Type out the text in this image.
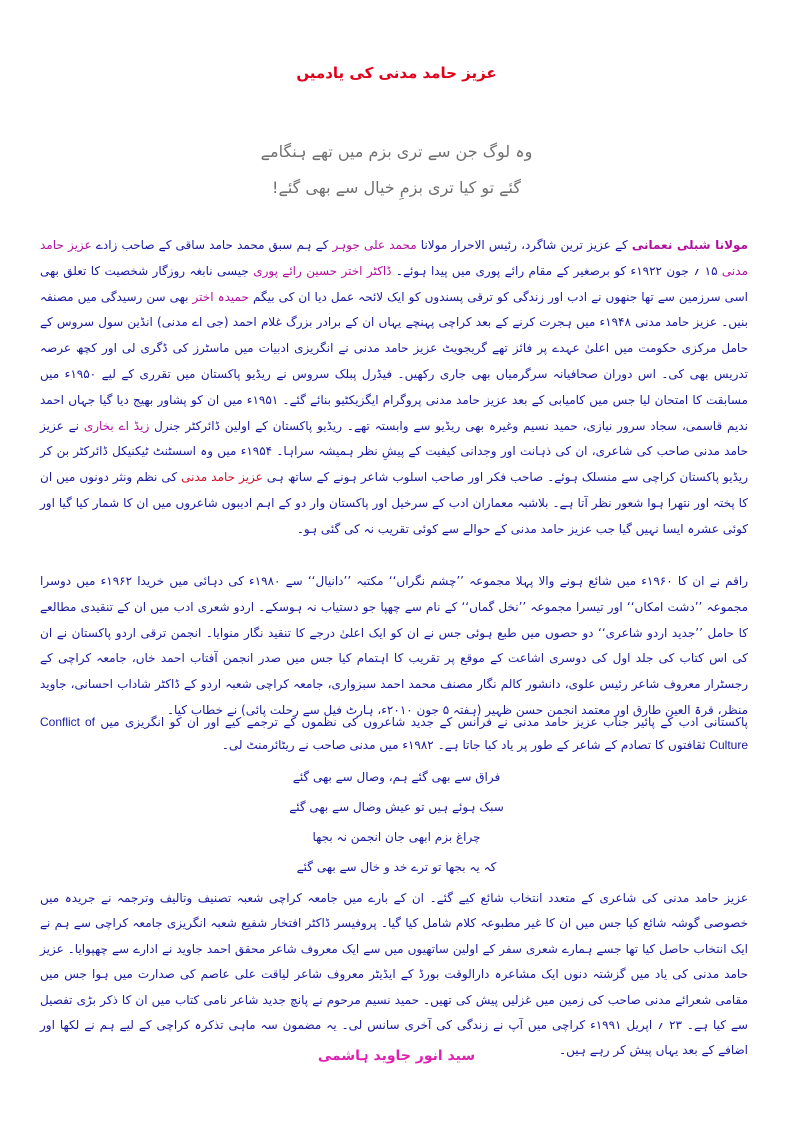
عزیز حامد مدنی کی یادمیں
وہ لوگ جن سے تری بزم میں تھے ہنگامے
گئے تو کیا تری بزمِ خیال سے بھی گئے!
مولانا شبلی نعمانی کے عزیز ترین شاگرد، رئیس الاحرار مولانا محمد علی جوہر کے ہم سبق محمد حامد ساقی کے صاحب زادے عزیز حامد مدنی ۱۵ ؍ جون ۱۹۲۲ء کو برصغیر کے مقام رائے پوری میں پیدا ہوئے۔ ڈاکٹر اختر حسین رائے پوری جیسی نابغہ روزگار شخصیت کا تعلق بھی اسی سرزمین سے تھا جنھوں نے ادب اور زندگی کو ترقی پسندوں کو ایک لائحہ عمل دیا ان کی بیگم حمیدہ اختر بھی سن رسیدگی میں مصنفہ بنیں۔ عزیز حامد مدنی ۱۹۴۸ء میں ہجرت کرنے کے بعد کراچی پہنچے یہاں ان کے برادر بزرگ غلام احمد (جی اے مدنی) انڈین سول سروس کے حامل مرکزی حکومت میں اعلیٰ عہدے پر فائز تھے گریجویٹ عزیز حامد مدنی نے انگریزی ادبیات میں ماسٹرز کی ڈگری لی اور کچھ عرصہ تدریس بھی کی۔ اس دوران صحافیانہ سرگرمیاں بھی جاری رکھیں۔ فیڈرل پبلک سروس نے ریڈیو پاکستان میں تقرری کے لیے ۱۹۵۰ء میں مسابقت کا امتحان لیا جس میں کامیابی کے بعد عزیز حامد مدنی پروگرام ایگزیکٹیو بنائے گئے۔ ۱۹۵۱ء میں ان کو پشاور بھیج دیا گیا جہاں احمد ندیم قاسمی، سجاد سرور نیازی، حمید نسیم وغیرہ بھی ریڈیو سے وابستہ تھے۔ ریڈیو پاکستان کے اولین ڈائرکٹر جنرل زیڈ اے بخاری نے عزیز حامد مدنی صاحب کی شاعری، ان کی ذہانت اور وجدانی کیفیت کے پیشِ نظر ہمیشہ سراہا۔ ۱۹۵۴ء میں وہ اسسٹنٹ ٹیکنیکل ڈائرکٹر بن کر ریڈیو پاکستان کراچی سے منسلک ہوئے۔ صاحب فکر اور صاحب اسلوب شاعر ہونے کے ساتھ ہی عزیز حامد مدنی کی نظم ونثر دونوں میں ان کا پختہ اور نتھرا ہوا شعور نظر آتا ہے۔ بلاشبہ معماران ادب کے سرخیل اور پاکستان وار دو کے اہم ادیبوں شاعروں میں ان کا شمار کیا گیا اور کوئی عشرہ ایسا نہیں گیا جب عزیز حامد مدنی کے حوالے سے کوئی تقریب نہ کی گئی ہو۔
راقم نے ان کا ۱۹۶۰ء میں شائع ہونے والا پہلا مجموعہ ’’چشم نگراں‘‘ مکتبہ ’’دانیال‘‘ سے ۱۹۸۰ء کی دہائی میں خریدا ۱۹۶۲ء میں دوسرا مجموعہ ’’دشت امکاں‘‘ اور تیسرا مجموعہ ’’نخل گماں‘‘ کے نام سے چھپا جو دستیاب نہ ہوسکے۔ اردو شعری ادب میں ان کے تنقیدی مطالعے کا حامل ’’جدید اردو شاعری‘‘ دو حصوں میں طبع ہوئی جس نے ان کو ایک اعلیٰ درجے کا تنقید نگار منوایا۔ انجمن ترقی اردو پاکستان نے ان کی اس کتاب کی جلد اول کی دوسری اشاعت کے موقع پر تقریب کا اہتمام کیا جس میں صدر انجمن آفتاب احمد خاں، جامعہ کراچی کے رجسٹرار معروف شاعر رئیس علوی، دانشور کالم نگار مصنف محمد احمد سبزواری، جامعہ کراچی شعبہ اردو کے ڈاکٹر شاداب احسانی، جاوید منظر، قرۃ العین طارق اور معتمد انجمن حسن ظہیر (ہفتہ ۵ جون ۲۰۱۰ء، ہارٹ فیل سے رحلت پائی) نے خطاب کیا۔
پاکستانی ادب کے پائیر جناب عزیز حامد مدنی نے فرانس کے جدید شاعروں کی نظموں کے ترجمے کیے اور ان کو انگریزی میں Conflict of Culture ثقافتوں کا تصادم کے شاعر کے طور پر یاد کیا جاتا ہے۔ ۱۹۸۲ء میں مدنی صاحب نے ریٹائرمنٹ لی۔
فراق سے بھی گئے ہم، وصال سے بھی گئے
سبک ہوئے ہیں تو عیش وصال سے بھی گئے
چراغ بزم ابھی جان انجمن نہ بجھا
کہ یہ بجھا تو ترے خد و خال سے بھی گئے
عزیز حامد مدنی کی شاعری کے متعدد انتخاب شائع کیے گئے۔ ان کے بارے میں جامعہ کراچی شعبہ تصنیف وتالیف وترجمہ نے جریدہ میں خصوصی گوشہ شائع کیا جس میں ان کا غیر مطبوعہ کلام شامل کیا گیا۔ پروفیسر ڈاکٹر افتخار شفیع شعبہ انگریزی جامعہ کراچی سے ہم نے ایک انتخاب حاصل کیا تھا جسے ہمارے شعری سفر کے اولین ساتھیوں میں سے ایک معروف شاعر محقق احمد جاوید نے ادارے سے چھپوایا۔ عزیز حامد مدنی کی یاد میں گزشتہ دنوں ایک مشاعرہ دارالوقت بورڈ کے ایڈیٹر معروف شاعر لیاقت علی عاصم کی صدارت میں ہوا جس میں مقامی شعرائے مدنی صاحب کی زمین میں غزلیں پیش کی تھیں۔ حمید نسیم مرحوم نے پانچ جدید شاعر نامی کتاب میں ان کا ذکر بڑی تفصیل سے کیا ہے۔ ۲۳ ؍ اپریل ۱۹۹۱ء کراچی میں آپ نے زندگی کی آخری سانس لی۔ یہ مضمون سہ ماہی تذکرہ کراچی کے لیے ہم نے لکھا اور اضافے کے بعد یہاں پیش کر رہے ہیں۔
سید انور جاوید ہاشمی
